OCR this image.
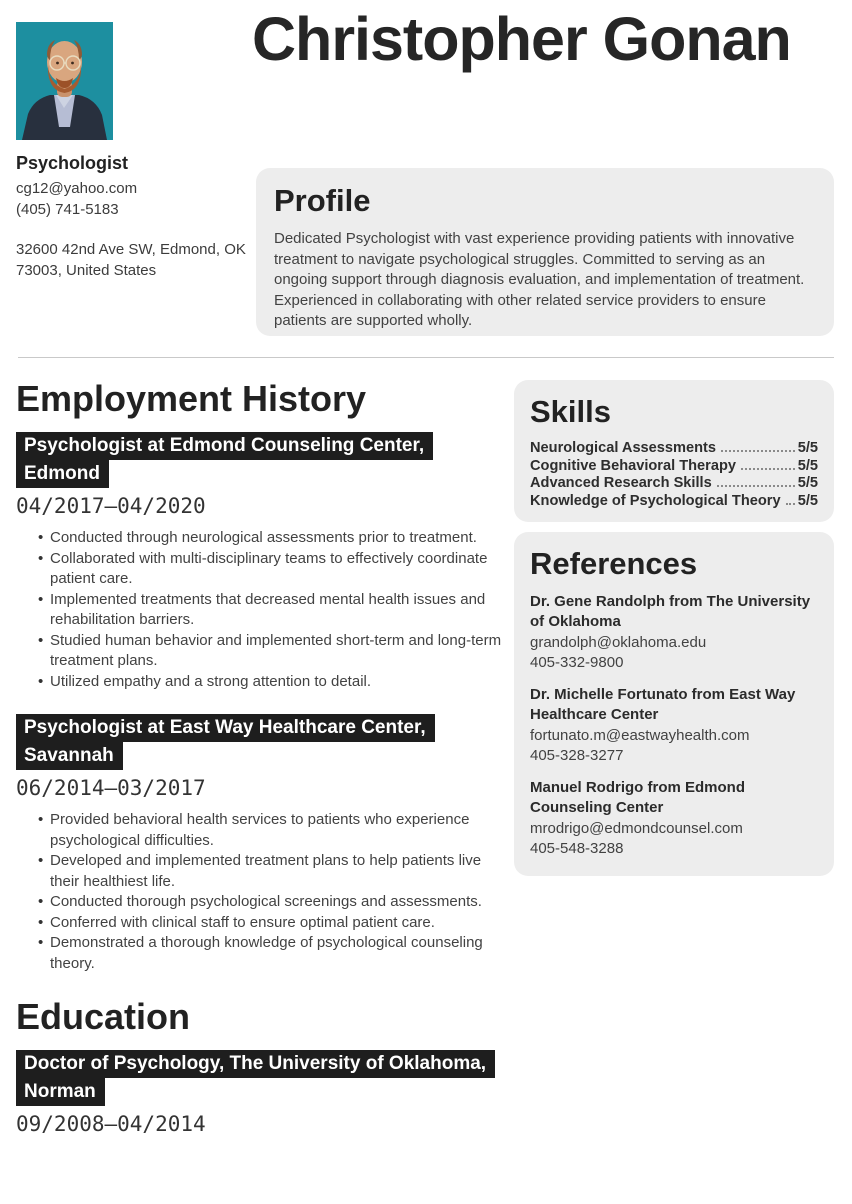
Psychologist
cg12@yahoo.com
(405) 741-5183
32600 42nd Ave SW, Edmond, OK
73003, United States
Christopher Gonan
Profile
Dedicated Psychologist with vast experience providing patients with innovative treatment to navigate psychological struggles. Committed to serving as an ongoing support through diagnosis evaluation, and implementation of treatment. Experienced in collaborating with other related service providers to ensure patients are supported wholly.
Employment History
Psychologist at Edmond Counseling Center,
Edmond
04/2017—04/2020
• Conducted through neurological assessments prior to treatment.
• Collaborated with multi-disciplinary teams to effectively coordinate patient care.
• Implemented treatments that decreased mental health issues and rehabilitation barriers.
• Studied human behavior and implemented short-term and long-term treatment plans.
• Utilized empathy and a strong attention to detail.
Psychologist at East Way Healthcare Center,
Savannah
06/2014—03/2017
• Provided behavioral health services to patients who experience psychological difficulties.
• Developed and implemented treatment plans to help patients live their healthiest life.
• Conducted thorough psychological screenings and assessments.
• Conferred with clinical staff to ensure optimal patient care.
• Demonstrated a thorough knowledge of psychological counseling theory.
Education
Doctor of Psychology, The University of Oklahoma,
Norman
09/2008—04/2014
Skills
Neurological Assessments	5/5
Cognitive Behavioral Therapy	5/5
Advanced Research Skills	5/5
Knowledge of Psychological Theory 5/5
References
Dr. Gene Randolph from The University of Oklahoma
grandolph@oklahoma.edu
405-332-9800
Dr. Michelle Fortunato from East Way Healthcare Center
fortunato.m@eastwayhealth.com
405-328-3277
Manuel Rodrigo from Edmond Counseling Center
mrodrigo@edmondcounsel.com
405-548-3288
